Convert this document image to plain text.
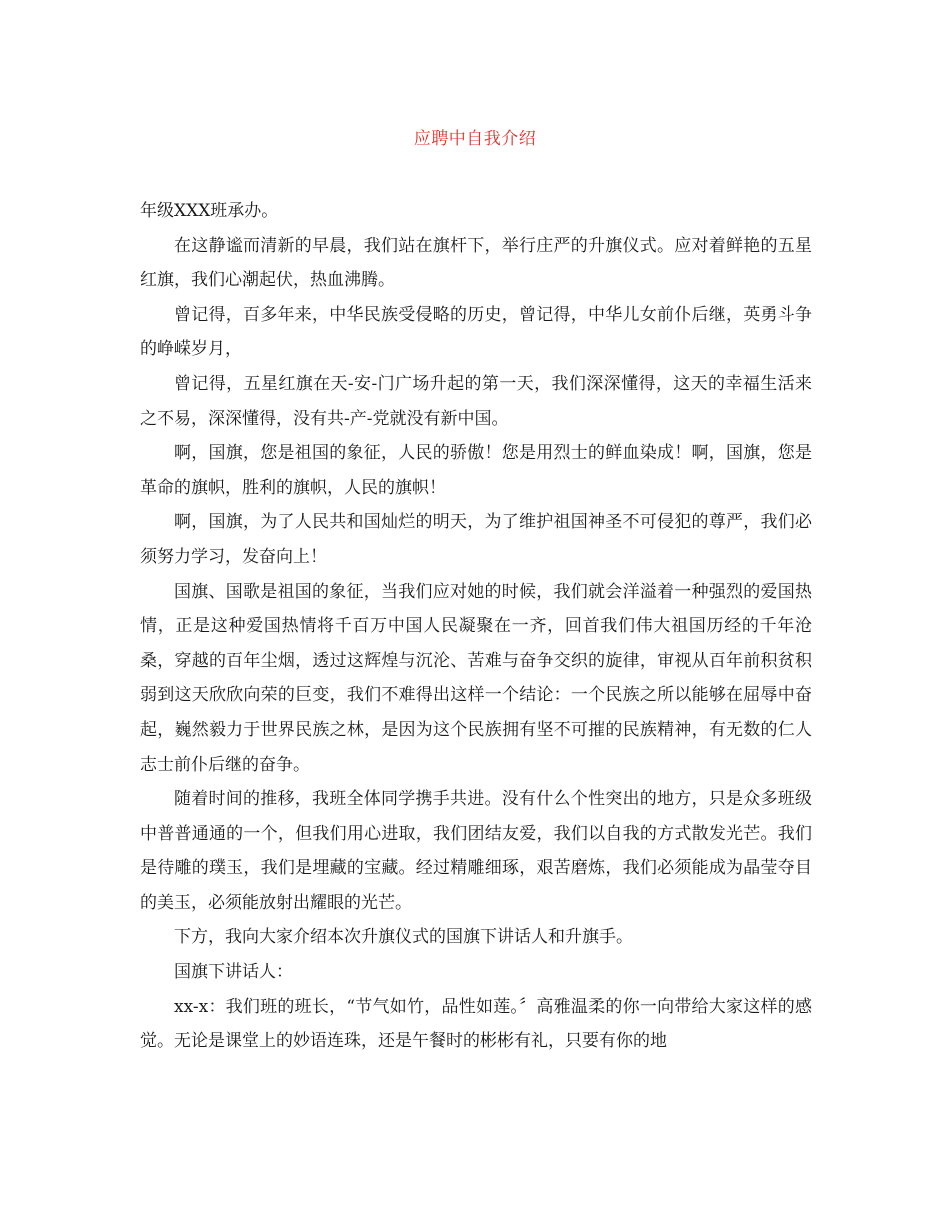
应聘中自我介绍

年级XXX班承办。

在这静谧而清新的早晨，我们站在旗杆下，举行庄严的升旗仪式。应对着鲜艳的五星红旗，我们心潮起伏，热血沸腾。

曾记得，百多年来，中华民族受侵略的历史，曾记得，中华儿女前仆后继，英勇斗争的峥嵘岁月，

曾记得，五星红旗在天-安-门广场升起的第一天，我们深深懂得，这天的幸福生活来之不易，深深懂得，没有共-产-党就没有新中国。

啊，国旗，您是祖国的象征，人民的骄傲！您是用烈士的鲜血染成！啊，国旗，您是革命的旗帜，胜利的旗帜，人民的旗帜！

啊，国旗，为了人民共和国灿烂的明天，为了维护祖国神圣不可侵犯的尊严，我们必须努力学习，发奋向上！

国旗、国歌是祖国的象征，当我们应对她的时候，我们就会洋溢着一种强烈的爱国热情，正是这种爱国热情将千百万中国人民凝聚在一齐，回首我们伟大祖国历经的千年沧桑，穿越的百年尘烟，透过这辉煌与沉沦、苦难与奋争交织的旋律，审视从百年前积贫积弱到这天欣欣向荣的巨变，我们不难得出这样一个结论：一个民族之所以能够在屈辱中奋起，巍然毅力于世界民族之林，是因为这个民族拥有坚不可摧的民族精神，有无数的仁人志士前仆后继的奋争。

随着时间的推移，我班全体同学携手共进。没有什么个性突出的地方，只是众多班级中普普通通的一个，但我们用心进取，我们团结友爱，我们以自我的方式散发光芒。我们是待雕的璞玉，我们是埋藏的宝藏。经过精雕细琢，艰苦磨炼，我们必须能成为晶莹夺目的美玉，必须能放射出耀眼的光芒。

下方，我向大家介绍本次升旗仪式的国旗下讲话人和升旗手。

国旗下讲话人：

xx-x：我们班的班长，“节气如竹，品性如莲。〞高雅温柔的你一向带给大家这样的感觉。无论是课堂上的妙语连珠，还是午餐时的彬彬有礼，只要有你的地
